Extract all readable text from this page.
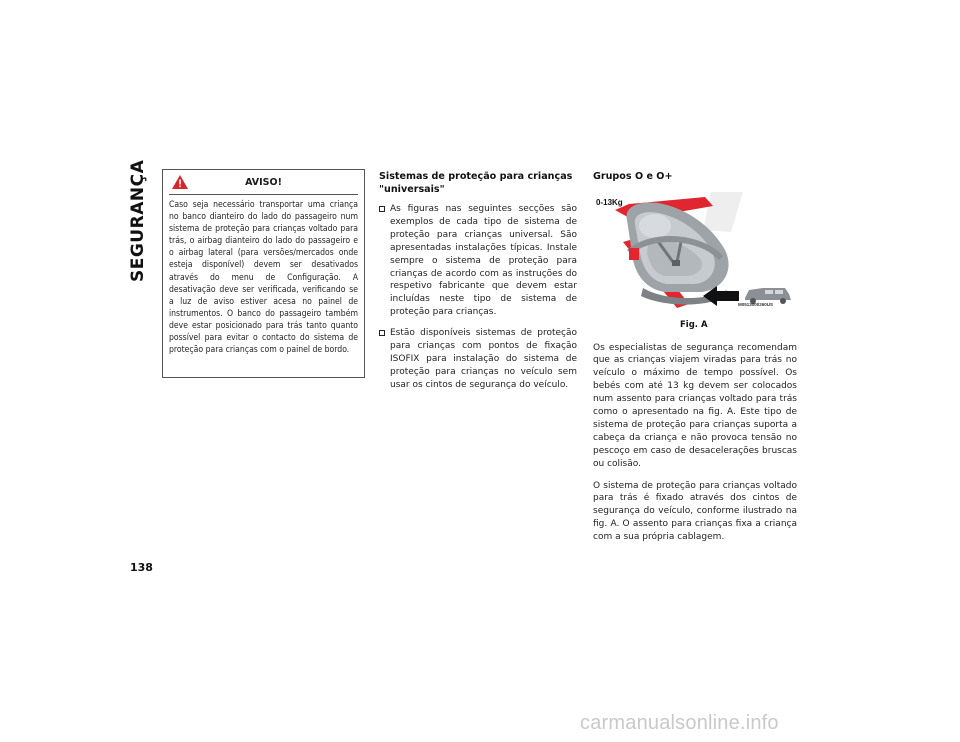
SEGURANÇA	AVISO!

Caso seja necessário transportar uma criança no banco dianteiro do lado do passageiro num sistema de proteção para crianças voltado para trás, o airbag dianteiro do lado do passageiro e o airbag lateral (para versões/mercados onde esteja disponível) devem ser desativados através do menu de Configuração. A desativação deve ser verificada, verificando se a luz de aviso estiver acesa no painel de instrumentos. O banco do passageiro também deve estar posicionado para trás tanto quanto possível para evitar o contacto do sistema de proteção para crianças com o painel de bordo.

Sistemas de proteção para crianças "universais"
As figuras nas seguintes secções são exemplos de cada tipo de sistema de proteção para crianças universal. São apresentadas instalações típicas. Instale sempre o sistema de proteção para crianças de acordo com as instruções do respetivo fabricante que devem estar incluídas neste tipo de sistema de proteção para crianças.
Estão disponíveis sistemas de proteção para crianças com pontos de fixação ISOFIX para instalação do sistema de proteção para crianças no veículo sem usar os cintos de segurança do veículo.
Grupos O e O+
0-13Kg
M0513000260US
Fig. A

Os especialistas de segurança recomendam que as crianças viajem viradas para trás no veículo o máximo de tempo possível. Os bebés com até 13 kg devem ser colocados num assento para crianças voltado para trás como o apresentado na fig. A. Este tipo de sistema de proteção para crianças suporta a cabeça da criança e não provoca tensão no pescoço em caso de desacelerações bruscas ou colisão.

O sistema de proteção para crianças voltado para trás é fixado através dos cintos de segurança do veículo, conforme ilustrado na fig. A. O assento para crianças fixa a criança com a sua própria cablagem.

138
carmanualsonline.info
